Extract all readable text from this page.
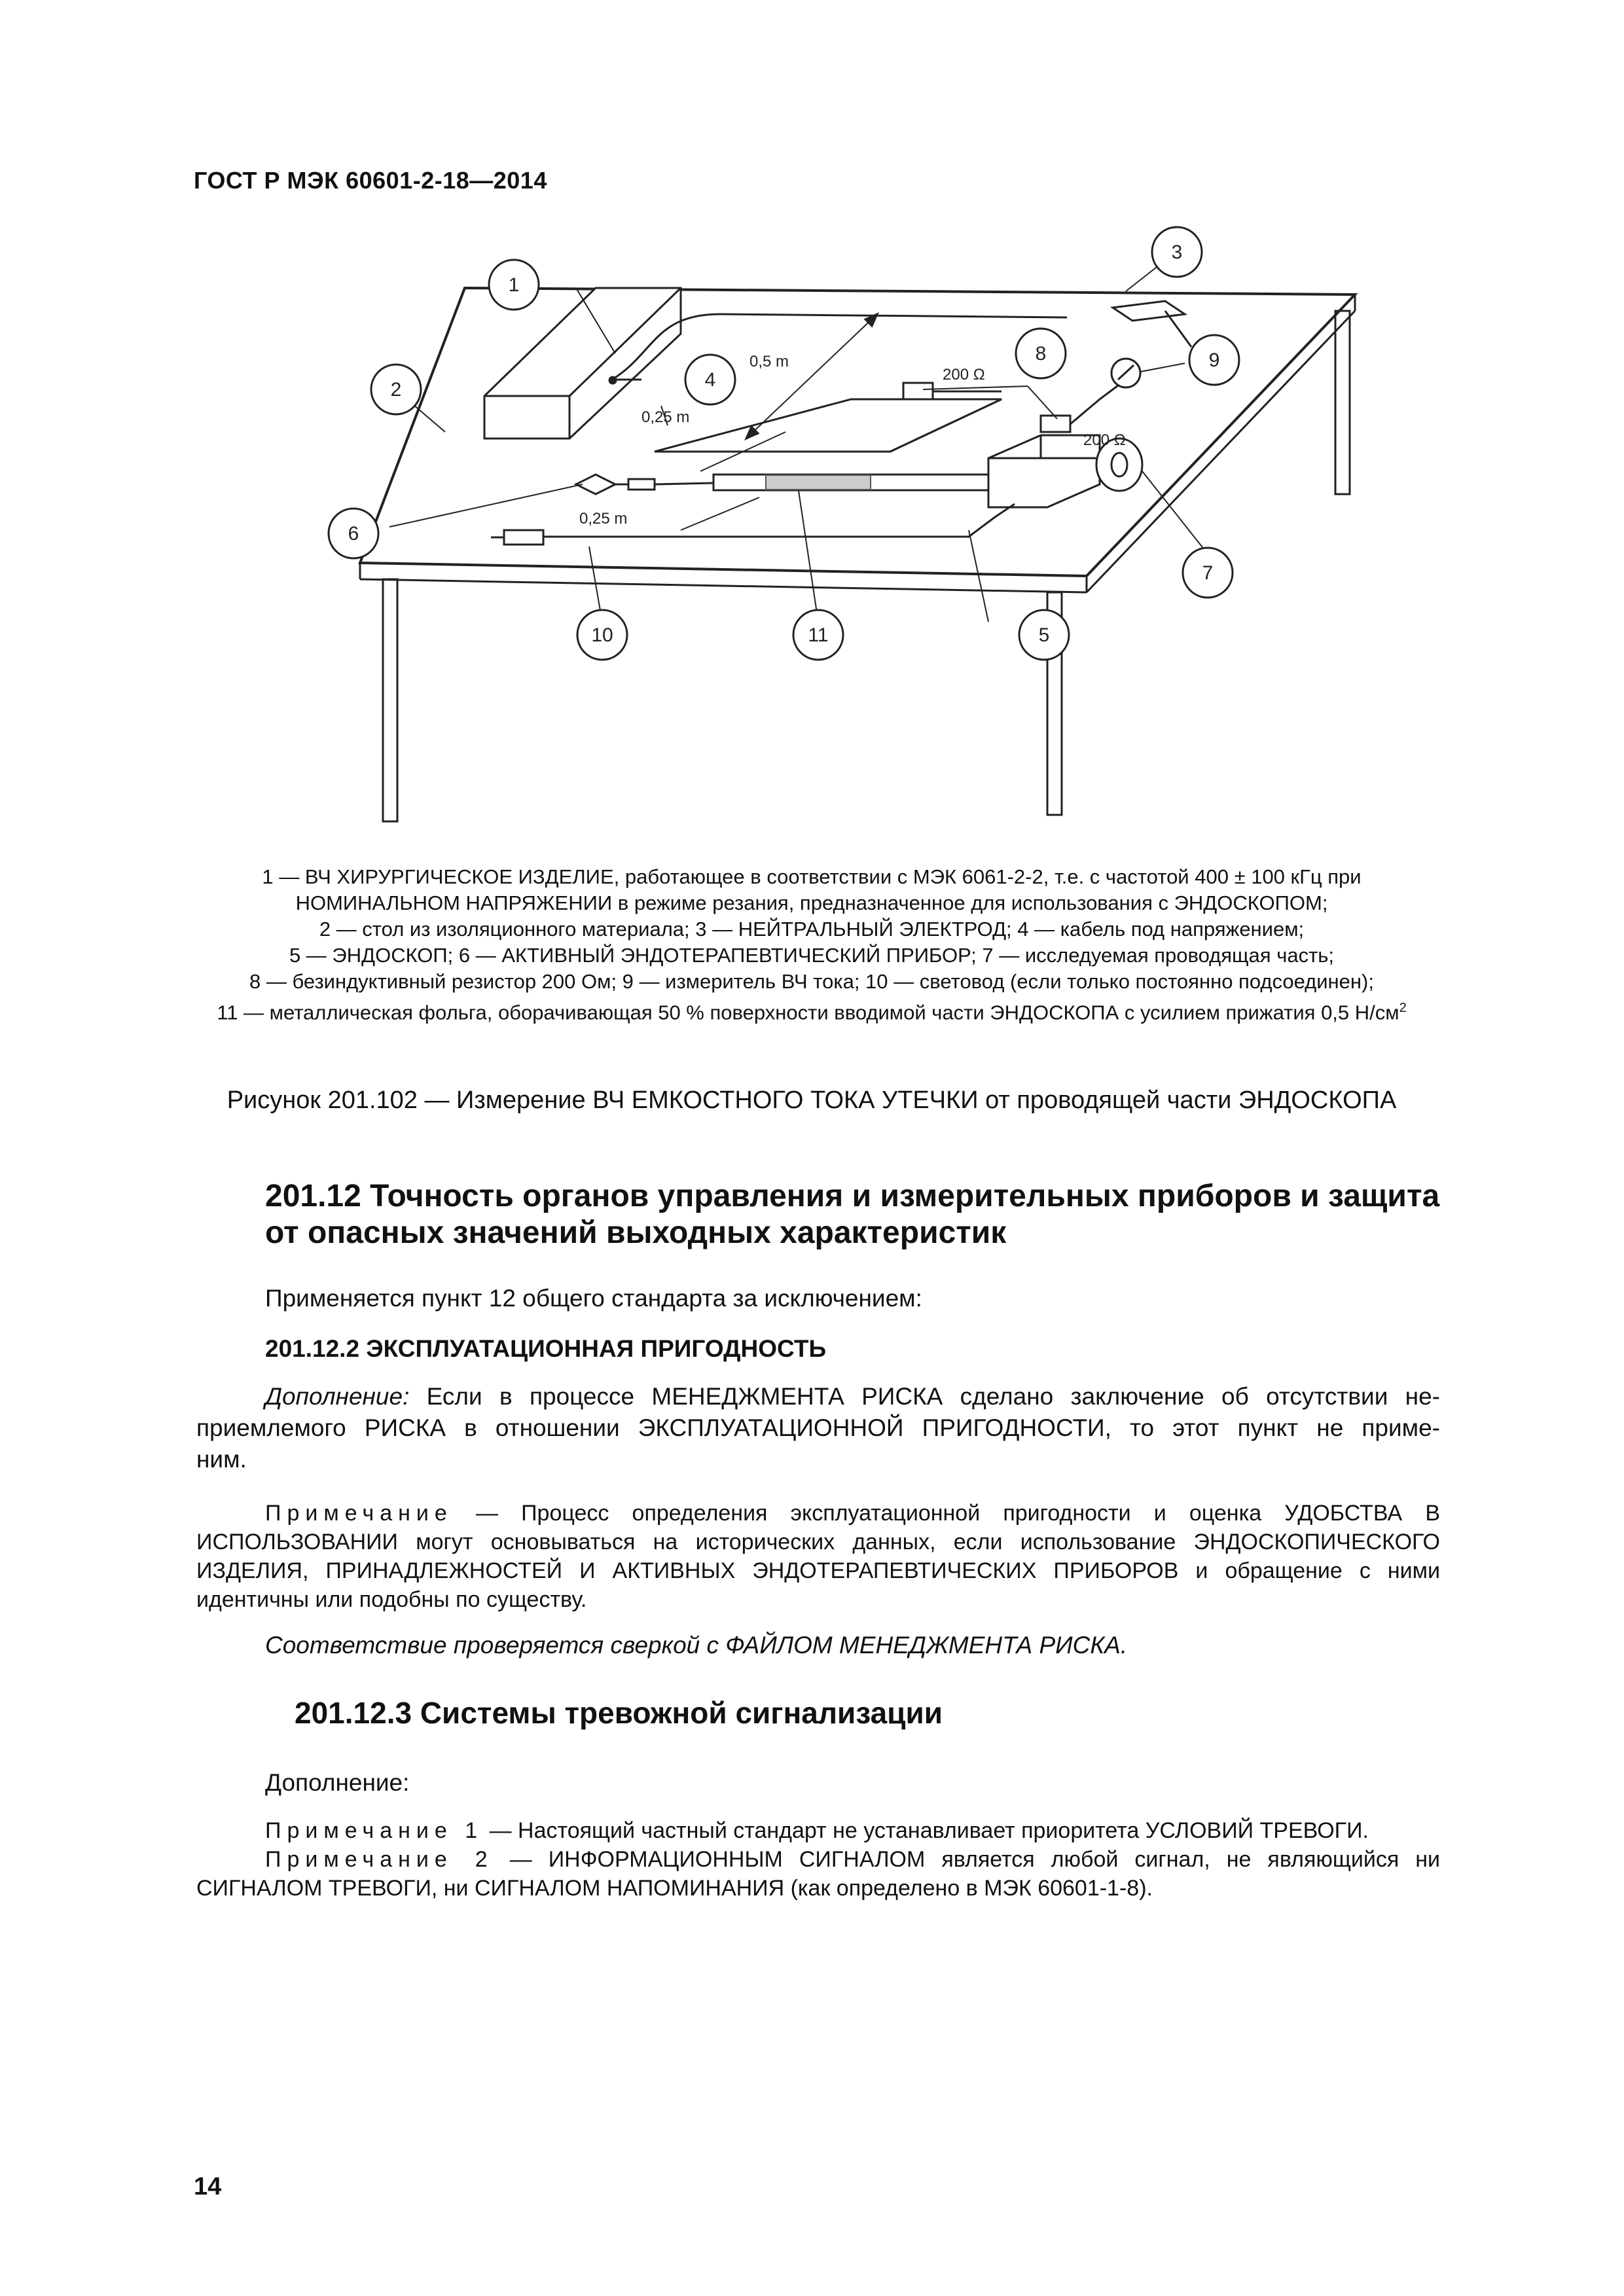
ГОСТ Р МЭК 60601-2-18—2014
1
2
3
4
5
6
7
8	9
10	11
0,5 m
0,25 m
0,25 m
200 Ω
200 Ω
1 — ВЧ ХИРУРГИЧЕСКОЕ ИЗДЕЛИЕ, работающее в соответствии с МЭК 6061-2-2, т.е. с частотой 400 ± 100 кГц при
НОМИНАЛЬНОМ НАПРЯЖЕНИИ в режиме резания, предназначенное для использования с ЭНДОСКОПОМ;
2 — стол из изоляционного материала; 3 — НЕЙТРАЛЬНЫЙ ЭЛЕКТРОД; 4 — кабель под напряжением;
5 — ЭНДОСКОП; 6 — АКТИВНЫЙ ЭНДОТЕРАПЕВТИЧЕСКИЙ ПРИБОР; 7 — исследуемая проводящая часть;
8 — безиндуктивный резистор 200 Ом; 9 — измеритель ВЧ тока; 10 — световод (если только постоянно подсоединен);
11 — металлическая фольга, оборачивающая 50 % поверхности вводимой части ЭНДОСКОПА с усилием прижатия 0,5 $Н/см^2$
Рисунок 201.102 — Измерение ВЧ ЕМКОСТНОГО ТОКА УТЕЧКИ от проводящей части ЭНДОСКОПА
201.12 Точность органов управления и измерительных приборов и защита
от опасных значений выходных характеристик
Применяется пункт 12 общего стандарта за исключением:
201.12.2 ЭКСПЛУАТАЦИОННАЯ ПРИГОДНОСТЬ
Дополнение: Если в процессе МЕНЕДЖМЕНТА РИСКА сделано заключение об отсутствии не-
приемлемого РИСКА в отношении ЭКСПЛУАТАЦИОННОЙ ПРИГОДНОСТИ, то этот пункт не приме-
ним.
Примечание — Процесс определения эксплуатационной пригодности и оценка УДОБСТВА В
ИСПОЛЬЗОВАНИИ могут основываться на исторических данных, если использование ЭНДОСКОПИЧЕСКОГО
ИЗДЕЛИЯ, ПРИНАДЛЕЖНОСТЕЙ И АКТИВНЫХ ЭНДОТЕРАПЕВТИЧЕСКИХ ПРИБОРОВ и обращение с ними
идентичны или подобны по существу.
Соответствие проверяется сверкой с ФАЙЛОМ МЕНЕДЖМЕНТА РИСКА.
201.12.3 Системы тревожной сигнализации
Дополнение:
Примечание 1 — Настоящий частный стандарт не устанавливает приоритета УСЛОВИЙ ТРЕВОГИ.
Примечание 2 — ИНФОРМАЦИОННЫМ СИГНАЛОМ является любой сигнал, не являющийся ни
СИГНАЛОМ ТРЕВОГИ, ни СИГНАЛОМ НАПОМИНАНИЯ (как определено в МЭК 60601-1-8).
14
